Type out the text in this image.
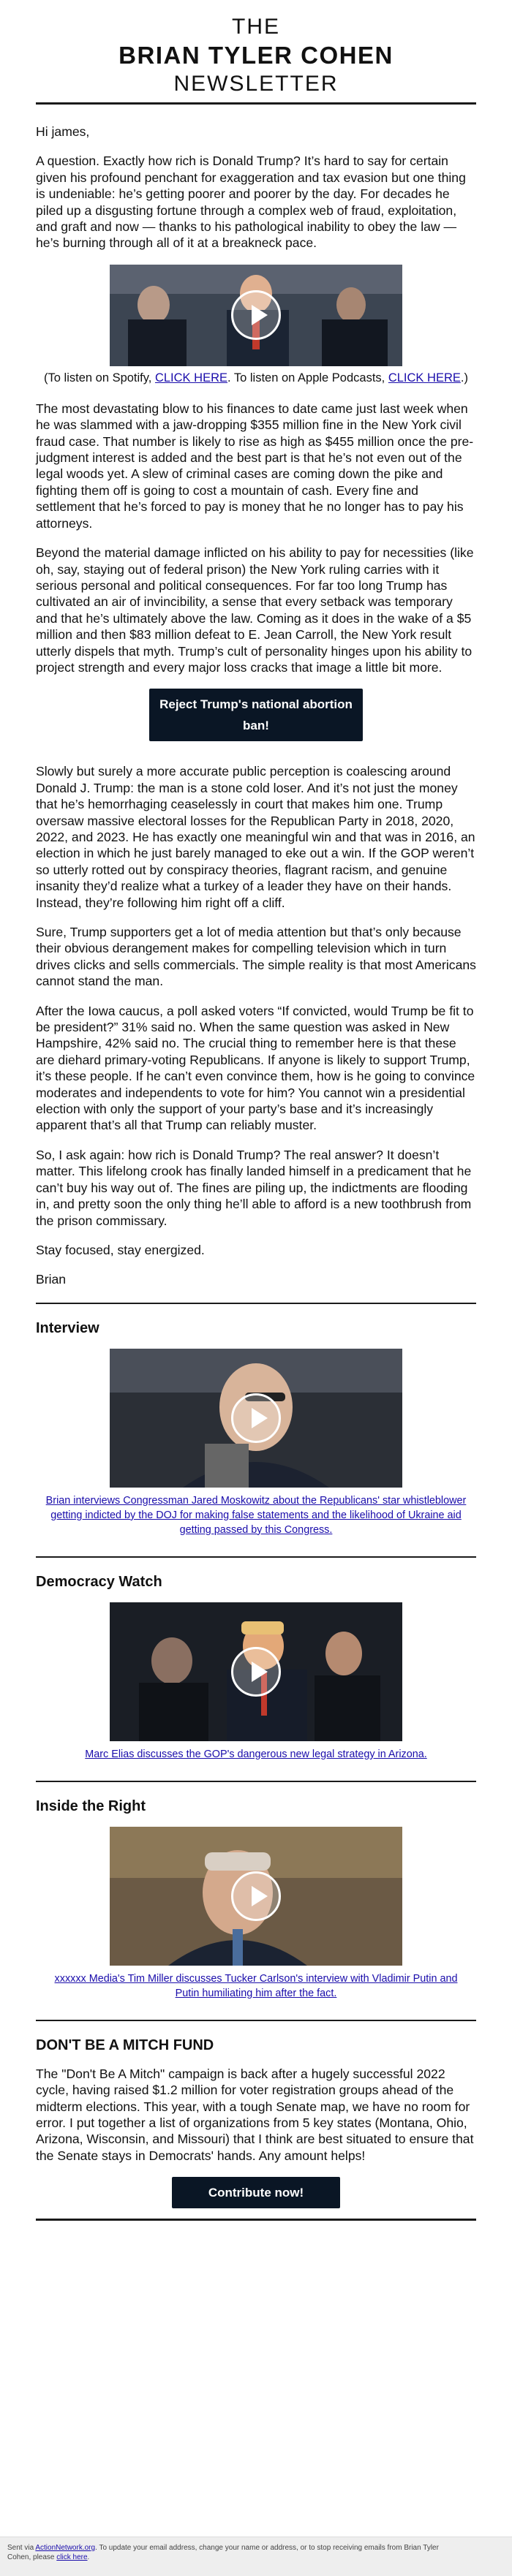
THE
BRIAN TYLER COHEN
NEWSLETTER

Hi james,

A question. Exactly how rich is Donald Trump? It’s hard to say for certain given his profound penchant for exaggeration and tax evasion but one thing is undeniable: he’s getting poorer and poorer by the day. For decades he piled up a disgusting fortune through a complex web of fraud, exploitation, and graft and now — thanks to his pathological inability to obey the law — he’s burning through all of it at a breakneck pace.

(To listen on Spotify, CLICK HERE. To listen on Apple Podcasts, CLICK HERE.)

The most devastating blow to his finances to date came just last week when he was slammed with a jaw-dropping $355 million fine in the New York civil fraud case. That number is likely to rise as high as $455 million once the pre-judgment interest is added and the best part is that he’s not even out of the legal woods yet. A slew of criminal cases are coming down the pike and fighting them off is going to cost a mountain of cash. Every fine and settlement that he’s forced to pay is money that he no longer has to pay his attorneys.

Beyond the material damage inflicted on his ability to pay for necessities (like oh, say, staying out of federal prison) the New York ruling carries with it serious personal and political consequences. For far too long Trump has cultivated an air of invincibility, a sense that every setback was temporary and that he’s ultimately above the law. Coming as it does in the wake of a $5 million and then $83 million defeat to E. Jean Carroll, the New York result utterly dispels that myth. Trump’s cult of personality hinges upon his ability to project strength and every major loss cracks that image a little bit more.

Reject Trump's national abortion ban!

Slowly but surely a more accurate public perception is coalescing around Donald J. Trump: the man is a stone cold loser. And it’s not just the money that he’s hemorrhaging ceaselessly in court that makes him one. Trump oversaw massive electoral losses for the Republican Party in 2018, 2020, 2022, and 2023. He has exactly one meaningful win and that was in 2016, an election in which he just barely managed to eke out a win. If the GOP weren’t so utterly rotted out by conspiracy theories, flagrant racism, and genuine insanity they’d realize what a turkey of a leader they have on their hands. Instead, they’re following him right off a cliff.

Sure, Trump supporters get a lot of media attention but that’s only because their obvious derangement makes for compelling television which in turn drives clicks and sells commercials. The simple reality is that most Americans cannot stand the man.

After the Iowa caucus, a poll asked voters “If convicted, would Trump be fit to be president?” 31% said no. When the same question was asked in New Hampshire, 42% said no. The crucial thing to remember here is that these are diehard primary-voting Republicans. If anyone is likely to support Trump, it’s these people. If he can’t even convince them, how is he going to convince moderates and independents to vote for him? You cannot win a presidential election with only the support of your party’s base and it’s increasingly apparent that’s all that Trump can reliably muster.

So, I ask again: how rich is Donald Trump? The real answer? It doesn’t matter. This lifelong crook has finally landed himself in a predicament that he can’t buy his way out of. The fines are piling up, the indictments are flooding in, and pretty soon the only thing he’ll able to afford is a new toothbrush from the prison commissary.

Stay focused, stay energized.

Brian

Interview
Brian interviews Congressman Jared Moskowitz about the Republicans' star whistleblower getting indicted by the DOJ for making false statements and the likelihood of Ukraine aid getting passed by this Congress.
Democracy Watch
Marc Elias discusses the GOP's dangerous new legal strategy in Arizona.
Inside the Right
xxxxxx Media's Tim Miller discusses Tucker Carlson's interview with Vladimir Putin and Putin humiliating him after the fact.
DON'T BE A MITCH FUND

The "Don't Be A Mitch" campaign is back after a hugely successful 2022 cycle, having raised $1.2 million for voter registration groups ahead of the midterm elections. This year, with a tough Senate map, we have no room for error. I put together a list of organizations from 5 key states (Montana, Ohio, Arizona, Wisconsin, and Missouri) that I think are best situated to ensure that the Senate stays in Democrats' hands. Any amount helps!

Contribute now!
Sent via ActionNetwork.org. To update your email address, change your name or address, or to stop receiving emails from Brian Tyler Cohen, please click here.
